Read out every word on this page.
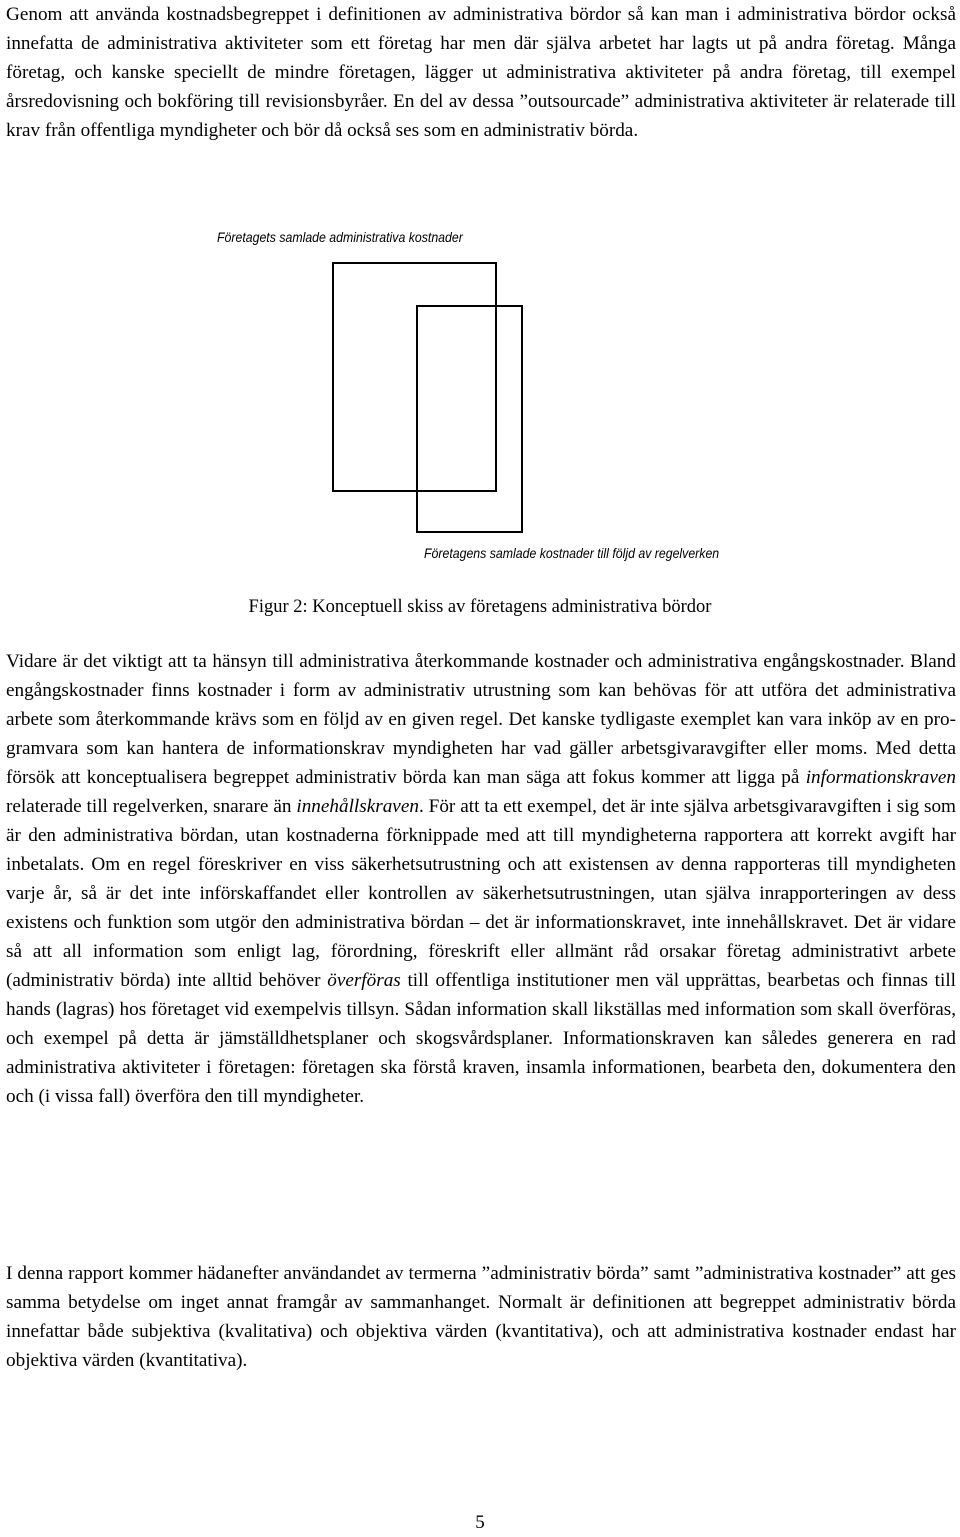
Genom att använda kostnadsbegreppet i definitionen av administrativa bördor så kan man i administrativa bördor också innefatta de administrativa aktiviteter som ett företag har men där själva arbetet har lagts ut på andra företag. Många företag, och kanske speciellt de mindre företagen, lägger ut administrativa aktiviteter på andra företag, till exempel årsredovisning och bokföring till revisionsbyråer. En del av dessa ”outsourcade” administrativa aktiviteter är relaterade till krav från offentliga myndigheter och bör då också ses som en administrativ börda.

Företagets samlade administrativa kostnader
Företagens samlade kostnader till följd av regelverken
Figur 2: Konceptuell skiss av företagens administrativa bördor

Vidare är det viktigt att ta hänsyn till administrativa återkommande kostnader och administrativa engångskostnader. Bland engångskostnader finns kostnader i form av administrativ utrustning som kan behövas för att utföra det administrativa arbete som återkommande krävs som en följd av en given regel. Det kanske tydligaste exemplet kan vara inköp av en programvara som kan hantera de informationskrav myndigheten har vad gäller arbetsgivaravgifter eller moms. Med detta försök att konceptualisera begreppet administrativ börda kan man säga att fokus kommer att ligga på informationskraven relaterade till regelverken, snarare än innehållskraven. För att ta ett exempel, det är inte själva arbetsgivaravgiften i sig som är den administrativa bördan, utan kostnaderna förknippade med att till myndigheterna rapportera att korrekt avgift har inbetalats. Om en regel föreskriver en viss säkerhetsutrustning och att existensen av denna rapporteras till myndigheten varje år, så är det inte införskaffandet eller kontrollen av säkerhetsutrustningen, utan själva inrapporteringen av dess existens och funktion som utgör den administrativa bördan – det är informationskravet, inte innehållskravet. Det är vidare så att all information som enligt lag, förordning, föreskrift eller allmänt råd orsakar företag administrativt arbete (administrativ börda) inte alltid behöver överföras till offentliga institutioner men väl upprättas, bearbetas och finnas till hands (lagras) hos företaget vid exempelvis tillsyn. Sådan information skall likställas med information som skall överföras, och exempel på detta är jämställdhetsplaner och skogsvårdsplaner. Informationskraven kan således generera en rad administrativa aktiviteter i företagen: företagen ska förstå kraven, insamla informationen, bearbeta den, dokumentera den och (i vissa fall) överföra den till myndigheter.

I denna rapport kommer hädanefter användandet av termerna ”administrativ börda” samt ”administrativa kostnader” att ges samma betydelse om inget annat framgår av sammanhanget. Normalt är definitionen att begreppet administrativ börda innefattar både subjektiva (kvalitativa) och objektiva värden (kvantitativa), och att administrativa kostnader endast har objektiva värden (kvantitativa).

5
